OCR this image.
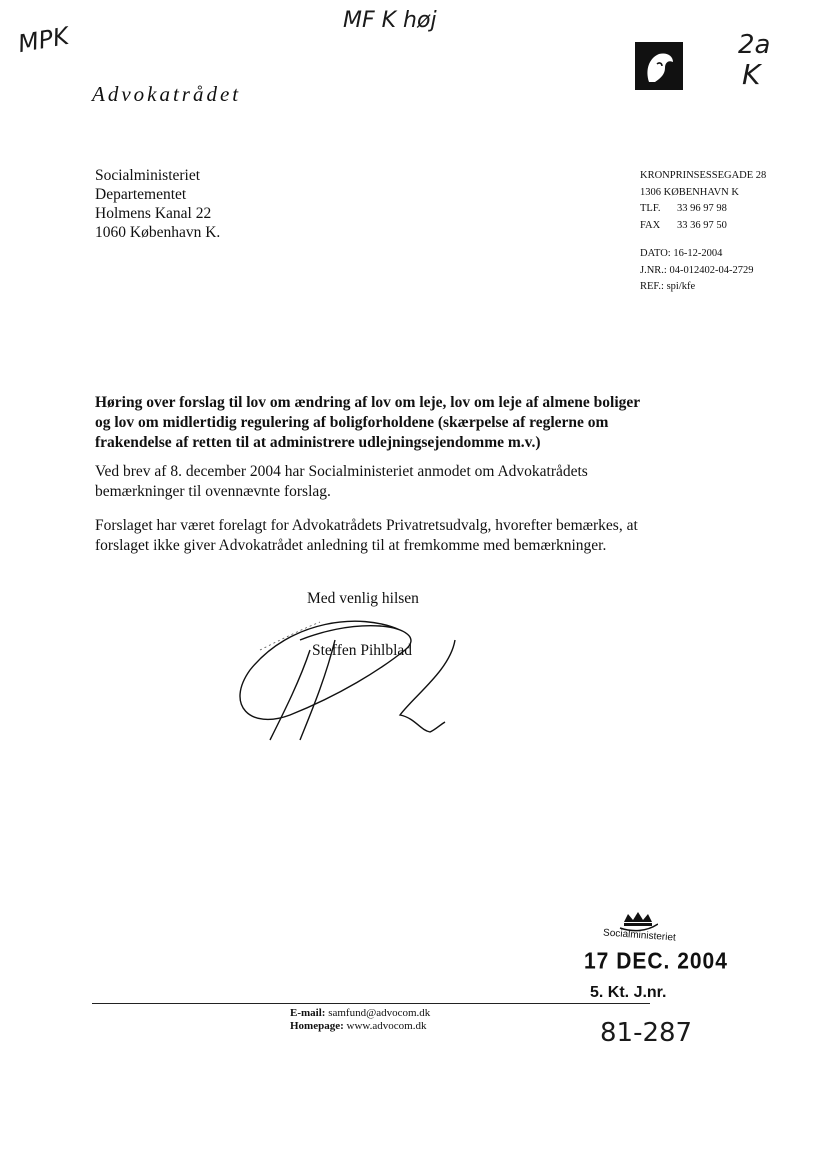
MPK
MF K høj
2a
K
Advokatrådet
Socialministeriet
Departementet
Holmens Kanal 22
1060 København K.
KRONPRINSESSEGADE 28
1306 KØBENHAVN K
TLF. 33 96 97 98
FAX 33 36 97 50
DATO: 16-12-2004
J.NR.: 04-012402-04-2729
REF.: spi/kfe
Høring over forslag til lov om ændring af lov om leje, lov om leje af almene boliger og lov om midlertidig regulering af boligforholdene (skærpelse af reglerne om frakendelse af retten til at administrere udlejningsejendomme m.v.)
Ved brev af 8. december 2004 har Socialministeriet anmodet om Advokatrådets bemærkninger til ovennævnte forslag.
Forslaget har været forelagt for Advokatrådets Privatretsudvalg, hvorefter bemærkes, at forslaget ikke giver Advokatrådet anledning til at fremkomme med bemærkninger.
Med venlig hilsen
Steffen Pihlblad
Socialministeriet
17 DEC. 2004
5. Kt. J.nr.
81-287
E-mail: samfund@advocom.dk
Homepage: www.advocom.dk
